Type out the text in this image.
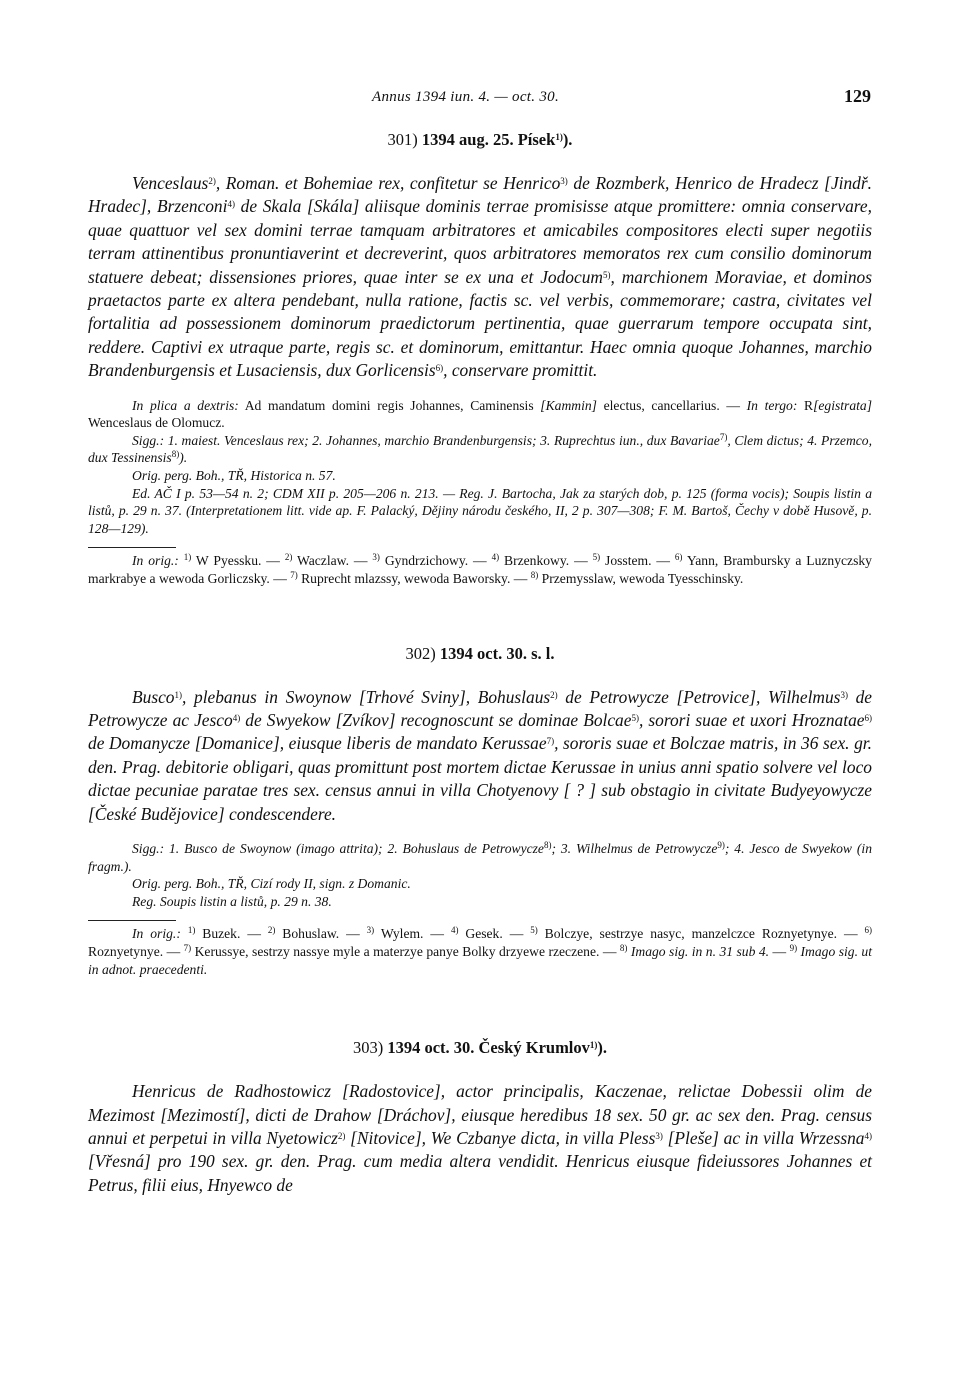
Annus 1394 iun. 4. — oct. 30.	129

301) 1394 aug. 25. Písek$^{1)}$).

Venceslaus$^{2)}$, Roman. et Bohemiae rex, confitetur se Henrico$^{3)}$ de Rozmberk, Henrico de Hradecz [Jindř. Hradec], Brzenconi$^{4)}$ de Skala [Skála] aliisque dominis terrae promisisse atque promittere: omnia conservare, quae quattuor vel sex domini terrae tamquam arbitratores et amicabiles compositores electi super negotiis terram attinentibus pronuntiaverint et decreverint, quos arbitratores memoratos rex cum consilio dominorum statuere debeat; dissensiones priores, quae inter se ex una et Jodocum$^{5)}$, marchionem Moraviae, et dominos praetactos parte ex altera pendebant, nulla ratione, factis sc. vel verbis, commemorare; castra, civitates vel fortalitia ad possessionem dominorum praedictorum pertinentia, quae guerrarum tempore occupata sint, reddere. Captivi ex utraque parte, regis sc. et dominorum, emittantur. Haec omnia quoque Johannes, marchio Brandenburgensis et Lusaciensis, dux Gorlicensis$^{6)}$, conservare promittit.

In plica a dextris: Ad mandatum domini regis Johannes, Caminensis [Kammin] electus, cancellarius. — In tergo: R[egistrata] Wenceslaus de Olomucz.

Sigg.: 1. maiest. Venceslaus rex; 2. Johannes, marchio Brandenburgensis; 3. Ruprechtus iun., dux Bavariae$^{7)}$, Clem dictus; 4. Przemco, dux Tessinensis$^{8)}$).

Orig. perg. Boh., TŘ, Historica n. 57.

Ed. AČ I p. 53—54 n. 2; CDM XII p. 205—206 n. 213. — Reg. J. Bartocha, Jak za starých dob, p. 125 (forma vocis); Soupis listin a listů, p. 29 n. 37. (Interpretationem litt. vide ap. F. Palacký, Dějiny národu českého, II, 2 p. 307—308; F. M. Bartoš, Čechy v době Husově, p. 128—129).

In orig.: $^{1)}$ W Pyessku. — $^{2)}$ Waczlaw. — $^{3)}$ Gyndrzichowy. — $^{4)}$ Brzenkowy. — $^{5)}$ Josstem. — $^{6)}$ Yann, Brambursky a Luznyczsky markrabye a wewoda Gorliczsky. — $^{7)}$ Ruprecht mlazssy, wewoda Baworsky. — $^{8)}$ Przemysslaw, wewoda Tyesschinsky.

302) 1394 oct. 30. s. l.

Busco$^{1)}$, plebanus in Swoynow [Trhové Sviny], Bohuslaus$^{2)}$ de Petrowycze [Petrovice], Wilhelmus$^{3)}$ de Petrowycze ac Jesco$^{4)}$ de Swyekow [Zvíkov] recognoscunt se dominae Bolcae$^{5)}$, sorori suae et uxori Hroznatae$^{6)}$ de Domanycze [Domanice], eiusque liberis de mandato Kerussae$^{7)}$, sororis suae et Bolczae matris, in 36 sex. gr. den. Prag. debitorie obligari, quas promittunt post mortem dictae Kerussae in unius anni spatio solvere vel loco dictae pecuniae paratae tres sex. census annui in villa Chotyenovy [ ? ] sub obstagio in civitate Budyeyowycze [České Budějovice] condescendere.

Sigg.: 1. Busco de Swoynow (imago attrita); 2. Bohuslaus de Petrowycze$^{8)}$; 3. Wilhelmus de Petrowycze$^{9)}$; 4. Jesco de Swyekow (in fragm.).

Orig. perg. Boh., TŘ, Cizí rody II, sign. z Domanic.

Reg. Soupis listin a listů, p. 29 n. 38.

In orig.: $^{1)}$ Buzek. — $^{2)}$ Bohuslaw. — $^{3)}$ Wylem. — $^{4)}$ Gesek. — $^{5)}$ Bolczye, sestrzye nasyc, manzelczce Roznyetynye. — $^{6)}$ Roznyetynye. — $^{7)}$ Kerussye, sestrzy nassye myle a materzye panye Bolky drzyewe rzeczene. — $^{8)}$ Imago sig. in n. 31 sub 4. — $^{9)}$ Imago sig. ut in adnot. praecedenti.

303) 1394 oct. 30. Český Krumlov$^{1)}$).

Henricus de Radhostowicz [Radostovice], actor principalis, Kaczenae, relictae Dobessii olim de Mezimost [Mezimostí], dicti de Drahow [Dráchov], eiusque heredibus 18 sex. 50 gr. ac sex den. Prag. census annui et perpetui in villa Nyetowicz$^{2)}$ [Nitovice], We Czbanye dicta, in villa Pless$^{3)}$ [Pleše] ac in villa Wrzessna$^{4)}$ [Vřesná] pro 190 sex. gr. den. Prag. cum media altera vendidit. Henricus eiusque fideiussores Johannes et Petrus, filii eius, Hnyewco de
